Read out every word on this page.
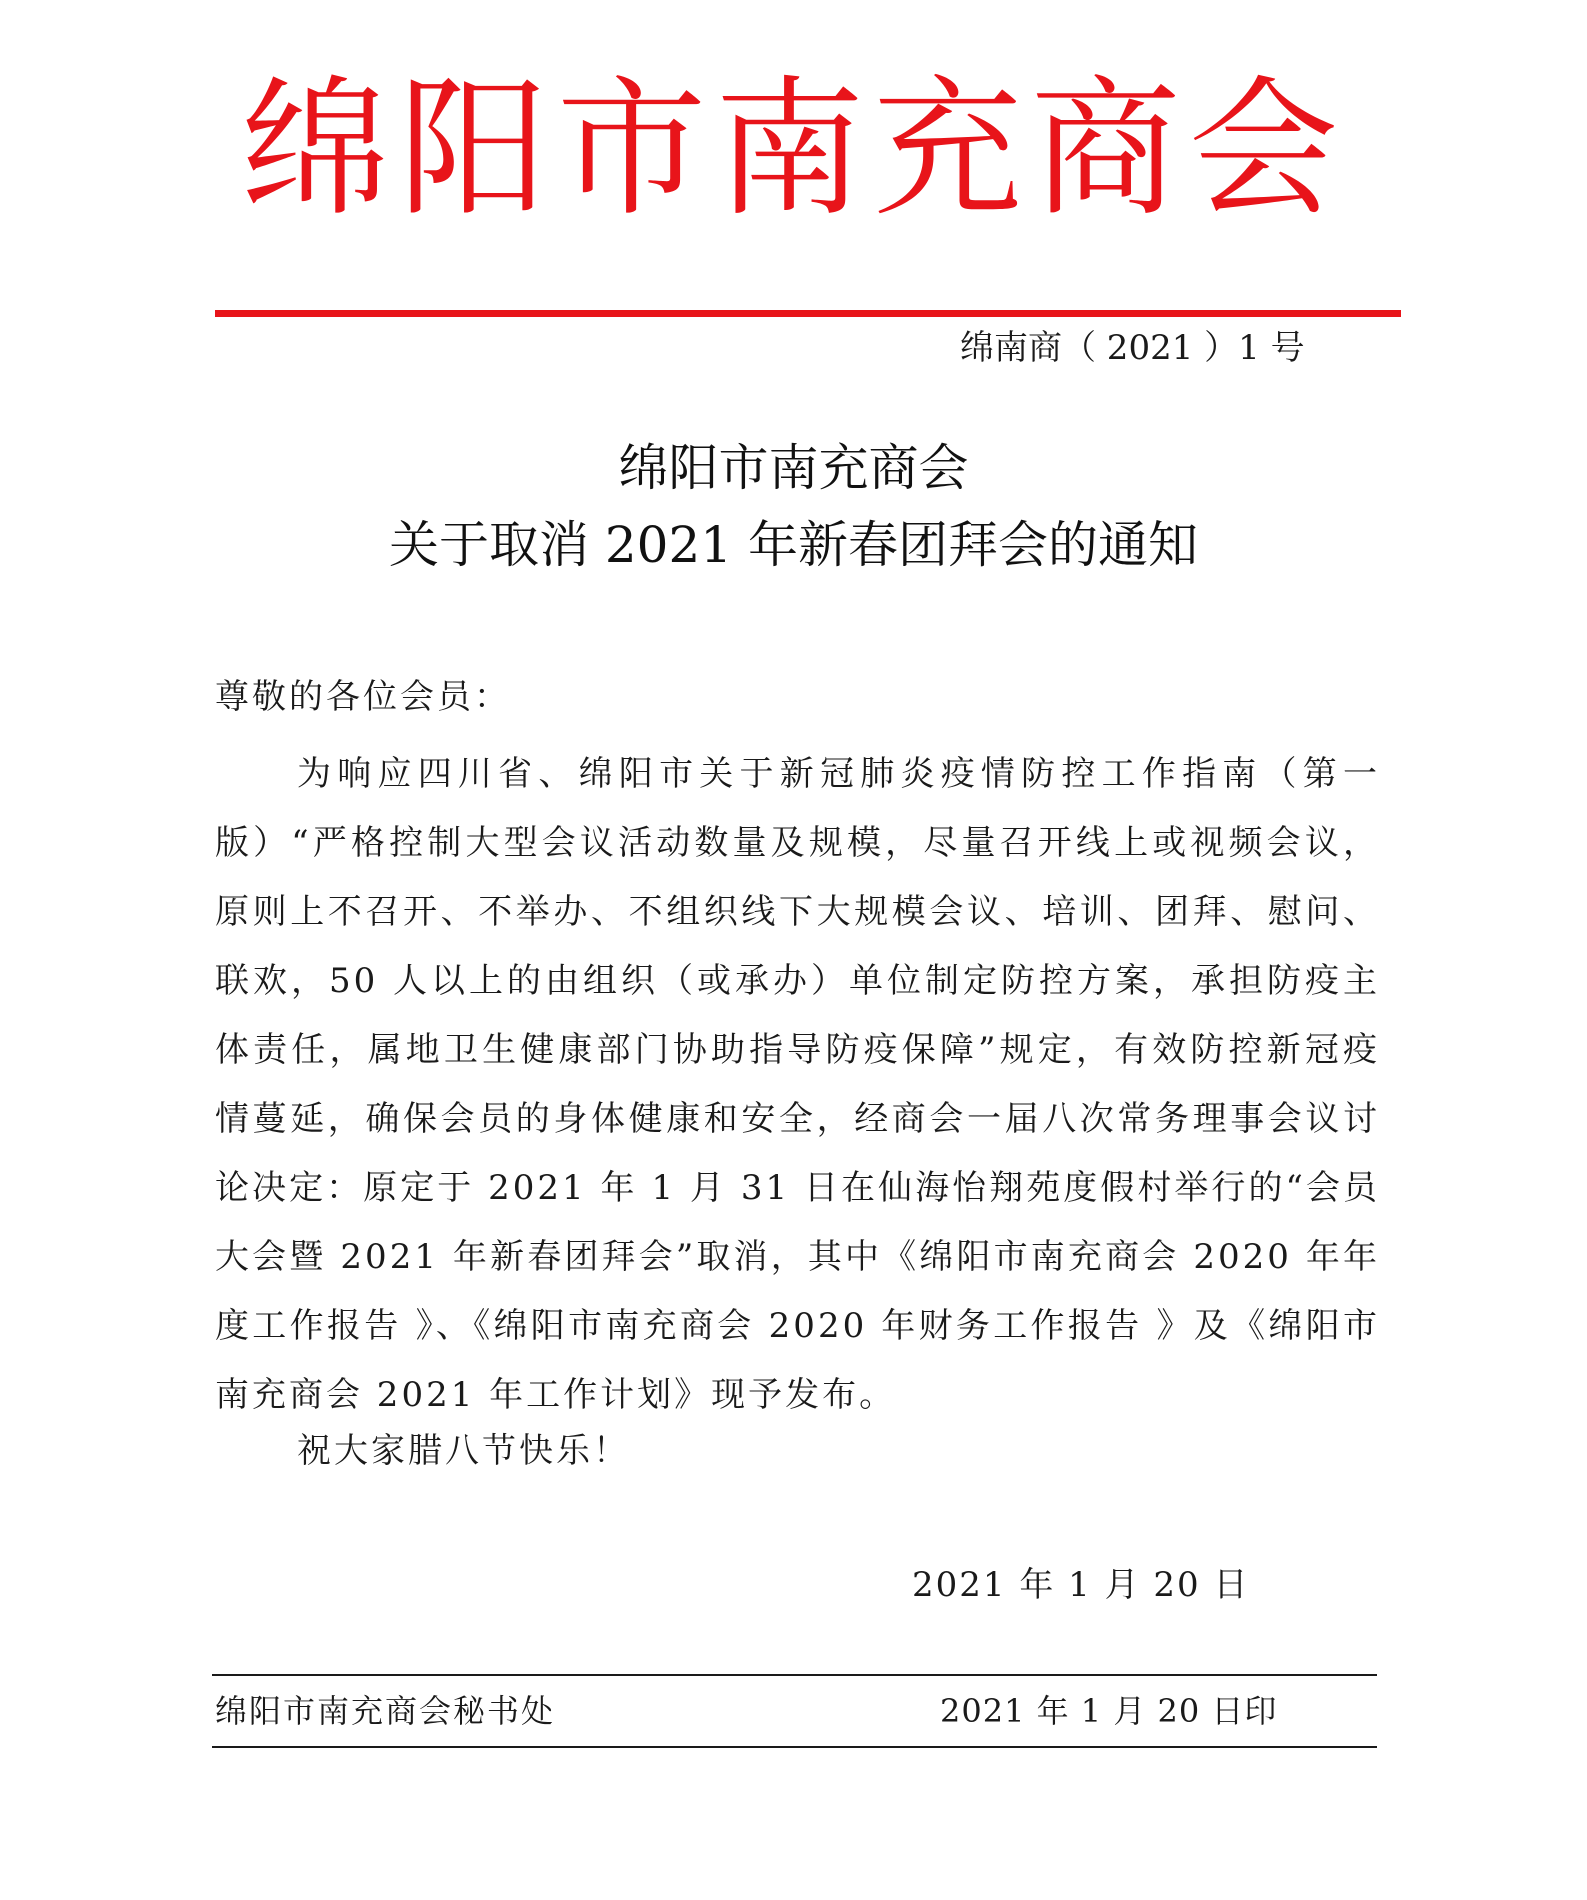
绵阳市南充商会
绵南商（ 2021 ）1 号
绵阳市南充商会
关于取消 2021 年新春团拜会的通知
尊敬的各位会员：

为响应四川省、绵阳市关于新冠肺炎疫情防控工作指南（第一版）“严格控制大型会议活动数量及规模，尽量召开线上或视频会议，原则上不召开、不举办、不组织线下大规模会议、培训、团拜、慰问、联欢，50 人以上的由组织（或承办）单位制定防控方案，承担防疫主体责任，属地卫生健康部门协助指导防疫保障”规定，有效防控新冠疫情蔓延，确保会员的身体健康和安全，经商会一届八次常务理事会议讨论决定：原定于 2021 年 1 月 31 日在仙海怡翔苑度假村举行的“会员大会暨 2021 年新春团拜会”取消，其中《绵阳市南充商会 2020 年年度工作报告 》、《绵阳市南充商会 2020 年财务工作报告 》及《绵阳市南充商会 2021 年工作计划》现予发布。

祝大家腊八节快乐！
2021 年 1 月 20 日
绵阳市南充商会秘书处	2021 年 1 月 20 日印
